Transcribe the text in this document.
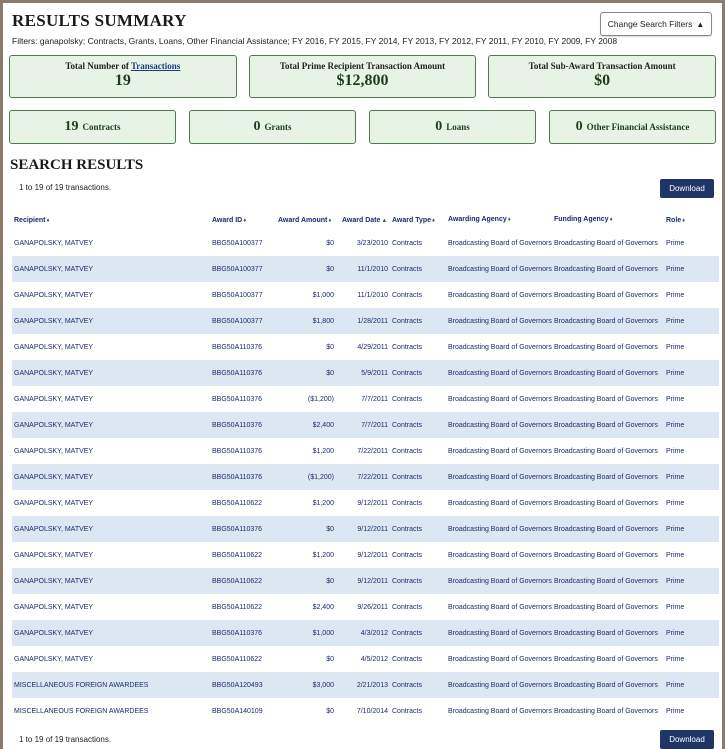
RESULTS SUMMARY
Filters: ganapolsky; Contracts, Grants, Loans, Other Financial Assistance; FY 2016, FY 2015, FY 2014, FY 2013, FY 2012, FY 2011, FY 2010, FY 2009, FY 2008
Change Search Filters ▲
Total Number of Transactions
19
Total Prime Recipient Transaction Amount
$12,800
Total Sub-Award Transaction Amount
$0
19 Contracts	0 Grants	0 Loans	0 Other Financial Assistance
SEARCH RESULTS
1 to 19 of 19 transactions.	Download
Recipient♦	Award ID♦	Award Amount♦	Award Date▲ Award Type♦	Awarding Agency♦	Funding Agency♦	Role♦
GANAPOLSKY, MATVEY	BBG50A100377	$0	3/23/2010 Contracts	Broadcasting Board of Governors Broadcasting Board of Governors	Prime
GANAPOLSKY, MATVEY	BBG50A100377	$0	11/1/2010 Contracts	Broadcasting Board of Governors Broadcasting Board of Governors	Prime
GANAPOLSKY, MATVEY	BBG50A100377	$1,000	11/1/2010 Contracts	Broadcasting Board of Governors Broadcasting Board of Governors	Prime
GANAPOLSKY, MATVEY	BBG50A100377	$1,800	1/28/2011 Contracts	Broadcasting Board of Governors Broadcasting Board of Governors	Prime
GANAPOLSKY, MATVEY	BBG50A110376	$0	4/29/2011 Contracts	Broadcasting Board of Governors Broadcasting Board of Governors	Prime
GANAPOLSKY, MATVEY	BBG50A110376	$0	5/9/2011 Contracts	Broadcasting Board of Governors Broadcasting Board of Governors	Prime
GANAPOLSKY, MATVEY	BBG50A110376	($1,200)	7/7/2011 Contracts	Broadcasting Board of Governors Broadcasting Board of Governors	Prime
GANAPOLSKY, MATVEY	BBG50A110376	$2,400	7/7/2011 Contracts	Broadcasting Board of Governors Broadcasting Board of Governors	Prime
GANAPOLSKY, MATVEY	BBG50A110376	$1,200	7/22/2011 Contracts	Broadcasting Board of Governors Broadcasting Board of Governors	Prime
GANAPOLSKY, MATVEY	BBG50A110376	($1,200)	7/22/2011 Contracts	Broadcasting Board of Governors Broadcasting Board of Governors	Prime
GANAPOLSKY, MATVEY	BBG50A110622	$1,200	9/12/2011 Contracts	Broadcasting Board of Governors Broadcasting Board of Governors	Prime
GANAPOLSKY, MATVEY	BBG50A110376	$0	9/12/2011 Contracts	Broadcasting Board of Governors Broadcasting Board of Governors	Prime
GANAPOLSKY, MATVEY	BBG50A110622	$1,200	9/12/2011 Contracts	Broadcasting Board of Governors Broadcasting Board of Governors	Prime
GANAPOLSKY, MATVEY	BBG50A110622	$0	9/12/2011 Contracts	Broadcasting Board of Governors Broadcasting Board of Governors	Prime
GANAPOLSKY, MATVEY	BBG50A110622	$2,400	9/26/2011 Contracts	Broadcasting Board of Governors Broadcasting Board of Governors	Prime
GANAPOLSKY, MATVEY	BBG50A110376	$1,000	4/3/2012 Contracts	Broadcasting Board of Governors Broadcasting Board of Governors	Prime
GANAPOLSKY, MATVEY	BBG50A110622	$0	4/5/2012 Contracts	Broadcasting Board of Governors Broadcasting Board of Governors	Prime
MISCELLANEOUS FOREIGN AWARDEES	BBG50A120493	$3,000	2/21/2013 Contracts	Broadcasting Board of Governors Broadcasting Board of Governors	Prime
MISCELLANEOUS FOREIGN AWARDEES	BBG50A140109	$0	7/10/2014 Contracts	Broadcasting Board of Governors Broadcasting Board of Governors	Prime
1 to 19 of 19 transactions.	Download
